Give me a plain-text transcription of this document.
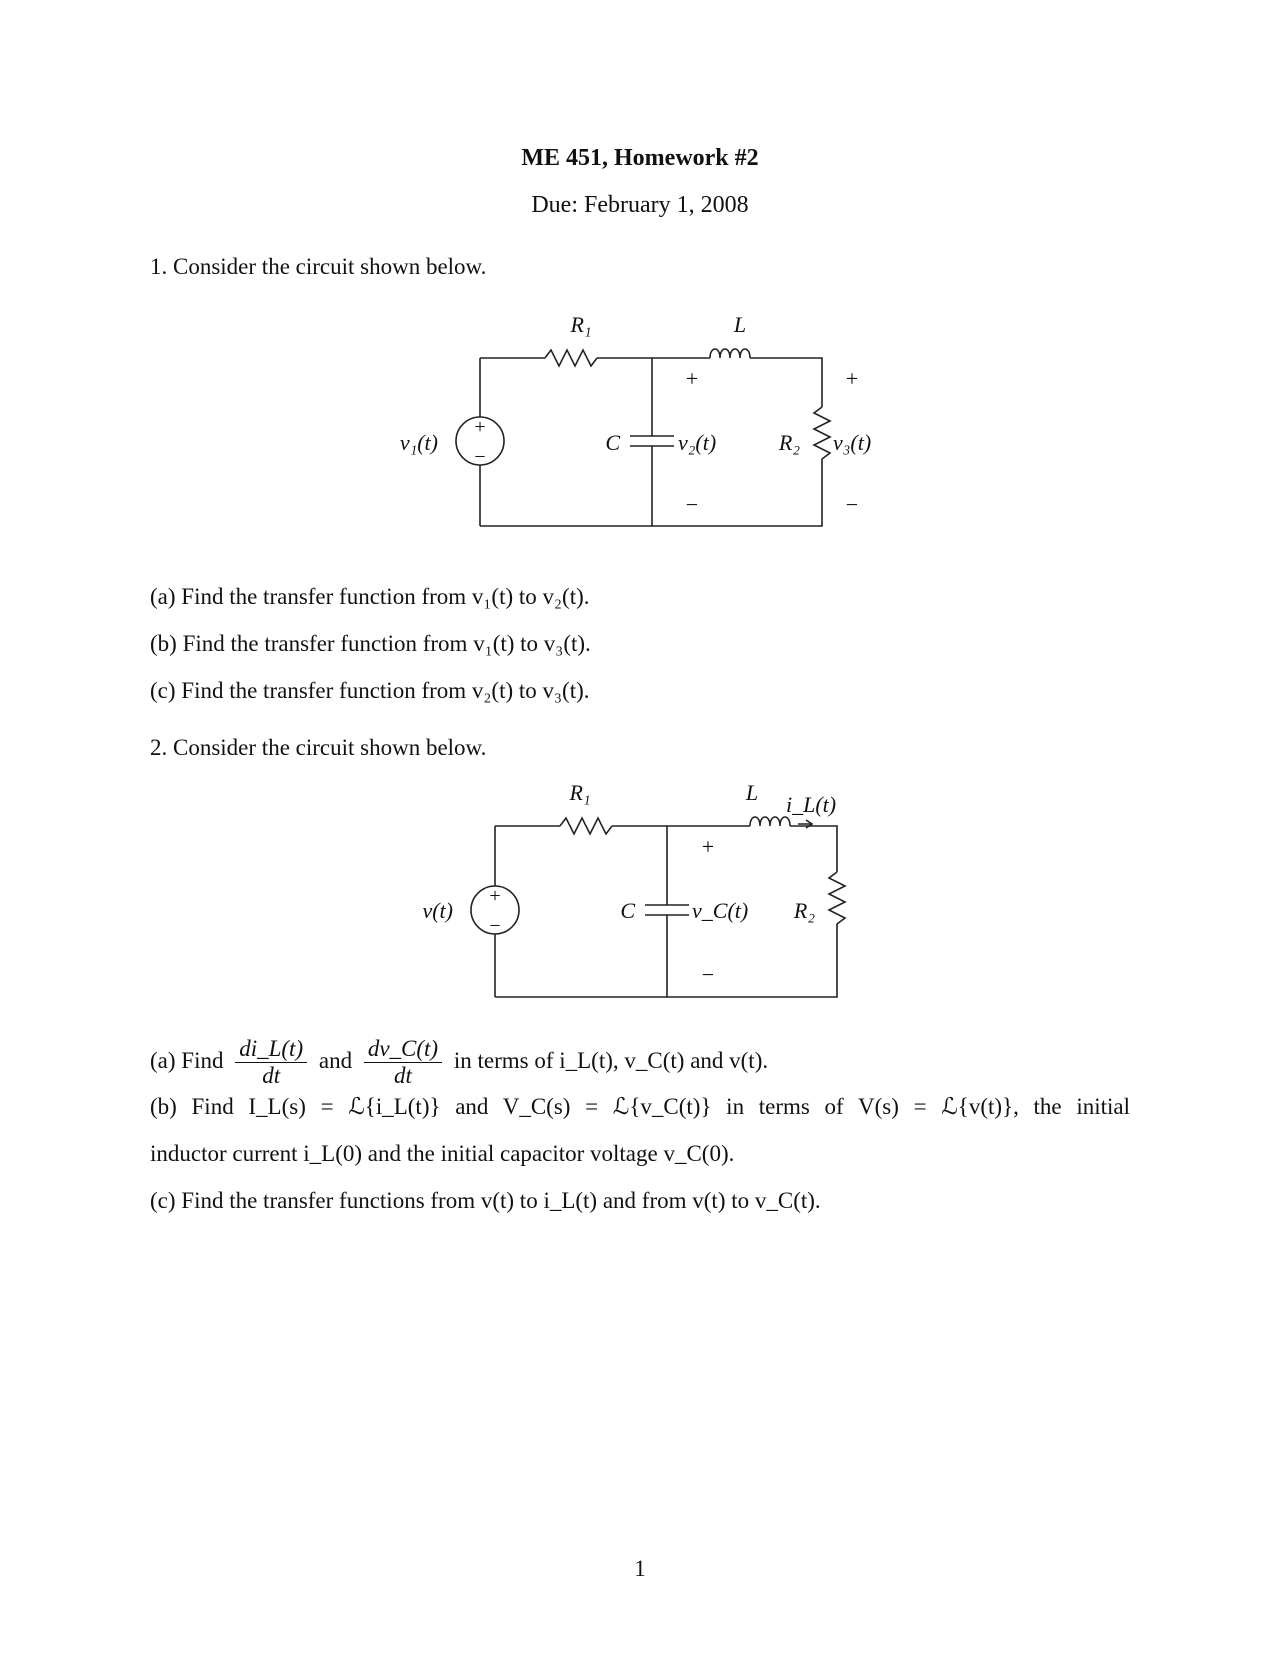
ME 451, Homework #2
Due: February 1, 2008
1. Consider the circuit shown below.
R₁	L
+
−
v₁(t)	C
+
v₂(t)
−
R₂
+
v₃(t)
−
R₁	L i_L(t)
+
−
v(t)	C
+
v_C(t)
−
R₂
(a) Find the transfer function from v₁(t) to v₂(t).
(b) Find the transfer function from v₁(t) to v₃(t).
(c) Find the transfer function from v₂(t) to v₃(t).
2. Consider the circuit shown below.
(a) Find $\frac{di\_L(t)}{dt}$ and $\frac{dv\_C(t)}{dt}$ in terms of i_L(t), v_C(t) and v(t).
(b) Find I_L(s) = ℒ{i_L(t)} and V_C(s) = ℒ{v_C(t)} in terms of V(s) = ℒ{v(t)}, the initial
inductor current i_L(0) and the initial capacitor voltage v_C(0).
(c) Find the transfer functions from v(t) to i_L(t) and from v(t) to v_C(t).
1
